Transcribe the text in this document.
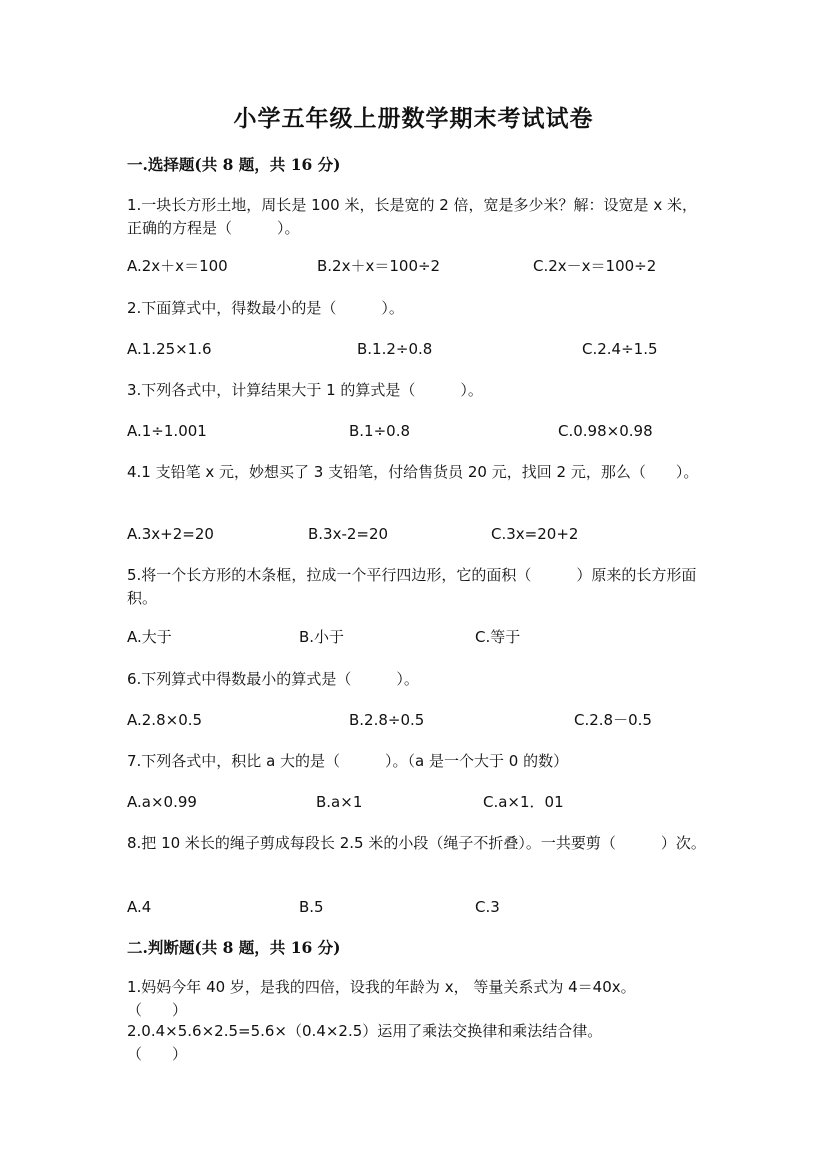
小学五年级上册数学期末考试试卷
一.选择题(共 8 题，共 16 分)
1.一块长方形土地，周长是 100 米，长是宽的 2 倍，宽是多少米？解：设宽是 x 米，正确的方程是（　　　）。
A.2x＋x＝100	B.2x＋x＝100÷2	C.2x－x＝100÷2
2.下面算式中，得数最小的是（　　　）。
A.1.25×1.6	B.1.2÷0.8	C.2.4÷1.5
3.下列各式中，计算结果大于 1 的算式是（　　　）。
A.1÷1.001	B.1÷0.8	C.0.98×0.98
4.1 支铅笔 x 元，妙想买了 3 支铅笔，付给售货员 20 元，找回 2 元，那么（　　）。
A.3x+2=20	B.3x-2=20	C.3x=20+2
5.将一个长方形的木条框，拉成一个平行四边形，它的面积（　　　）原来的长方形面积。
A.大于	B.小于	C.等于
6.下列算式中得数最小的算式是（　　　）。
A.2.8×0.5	B.2.8÷0.5	C.2.8－0.5
7.下列各式中，积比 a 大的是（　　　）。（a 是一个大于 0 的数）
A.a×0.99	B.a×1	C.a×1．01
8.把 10 米长的绳子剪成每段长 2.5 米的小段（绳子不折叠）。一共要剪（　　　）次。
A.4	B.5	C.3
二.判断题(共 8 题，共 16 分)
1.妈妈今年 40 岁，是我的四倍，设我的年龄为 x， 等量关系式为 4＝40x。
（　　）
2.0.4×5.6×2.5=5.6×（0.4×2.5）运用了乘法交换律和乘法结合律。
（　　）
